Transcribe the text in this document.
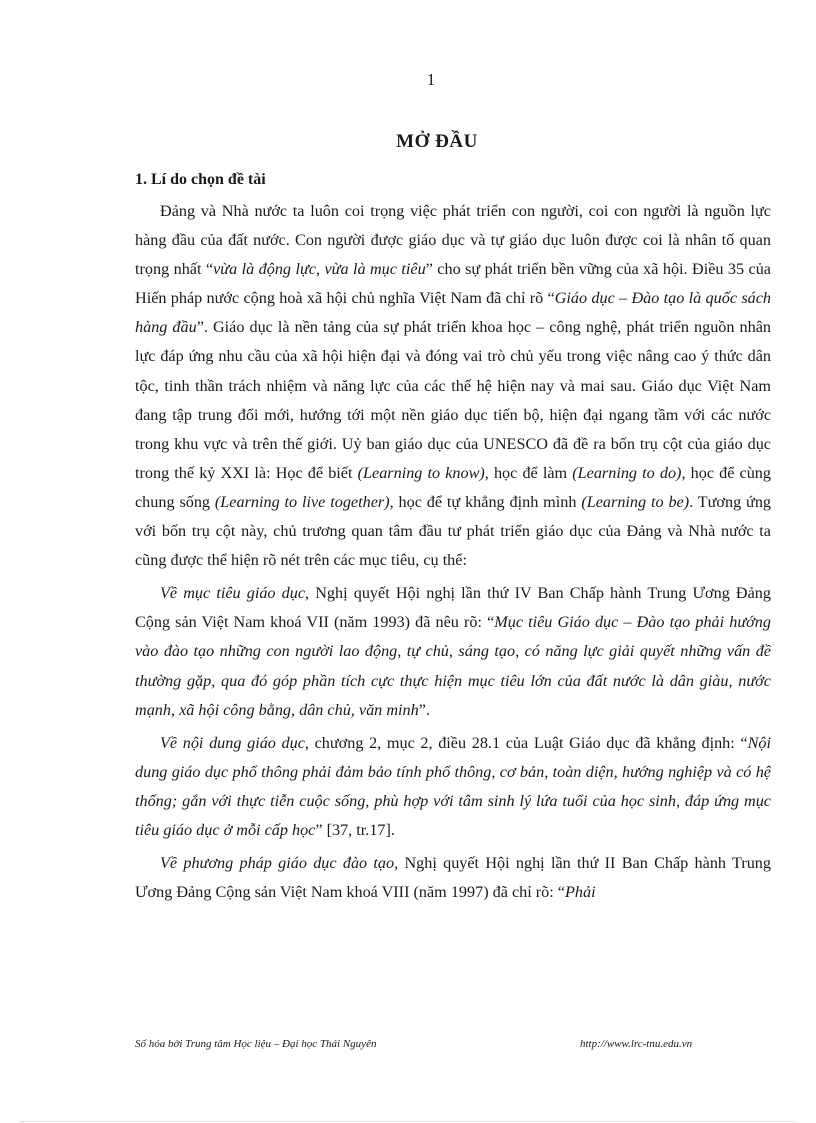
1
MỞ ĐẦU
1. Lí do chọn đề tài

Đảng và Nhà nước ta luôn coi trọng việc phát triển con người, coi con người là nguồn lực hàng đầu của đất nước. Con người được giáo dục và tự giáo dục luôn được coi là nhân tố quan trọng nhất “vừa là động lực, vừa là mục tiêu” cho sự phát triển bền vững của xã hội. Điều 35 của Hiến pháp nước cộng hoà xã hội chủ nghĩa Việt Nam đã chỉ rõ “Giáo dục – Đào tạo là quốc sách hàng đầu”. Giáo dục là nền tảng của sự phát triển khoa học – công nghệ, phát triển nguồn nhân lực đáp ứng nhu cầu của xã hội hiện đại và đóng vai trò chủ yếu trong việc nâng cao ý thức dân tộc, tinh thần trách nhiệm và năng lực của các thế hệ hiện nay và mai sau. Giáo dục Việt Nam đang tập trung đổi mới, hướng tới một nền giáo dục tiến bộ, hiện đại ngang tầm với các nước trong khu vực và trên thế giới. Uỷ ban giáo dục của UNESCO đã đề ra bốn trụ cột của giáo dục trong thế kỷ XXI là: Học để biết (Learning to know), học để làm (Learning to do), học để cùng chung sống (Learning to live together), học để tự khẳng định mình (Learning to be). Tương ứng với bốn trụ cột này, chủ trương quan tâm đầu tư phát triển giáo dục của Đảng và Nhà nước ta cũng được thể hiện rõ nét trên các mục tiêu, cụ thể:

Về mục tiêu giáo dục, Nghị quyết Hội nghị lần thứ IV Ban Chấp hành Trung Ương Đảng Cộng sản Việt Nam khoá VII (năm 1993) đã nêu rõ: “Mục tiêu Giáo dục – Đào tạo phải hướng vào đào tạo những con người lao động, tự chủ, sáng tạo, có năng lực giải quyết những vấn đề thường gặp, qua đó góp phần tích cực thực hiện mục tiêu lớn của đất nước là dân giàu, nước mạnh, xã hội công bằng, dân chủ, văn minh”.

Về nội dung giáo dục, chương 2, mục 2, điều 28.1 của Luật Giáo dục đã khẳng định: “Nội dung giáo dục phổ thông phải đảm bảo tính phổ thông, cơ bản, toàn diện, hướng nghiệp và có hệ thống; gắn với thực tiễn cuộc sống, phù hợp với tâm sinh lý lứa tuổi của học sinh, đáp ứng mục tiêu giáo dục ở mỗi cấp học” [37, tr.17].

Về phương pháp giáo dục đào tạo, Nghị quyết Hội nghị lần thứ II Ban Chấp hành Trung Ương Đảng Cộng sản Việt Nam khoá VIII (năm 1997) đã chỉ rõ: “Phải

Số hóa bởi Trung tâm Học liệu – Đại học Thái Nguyên	http://www.lrc-tnu.edu.vn
